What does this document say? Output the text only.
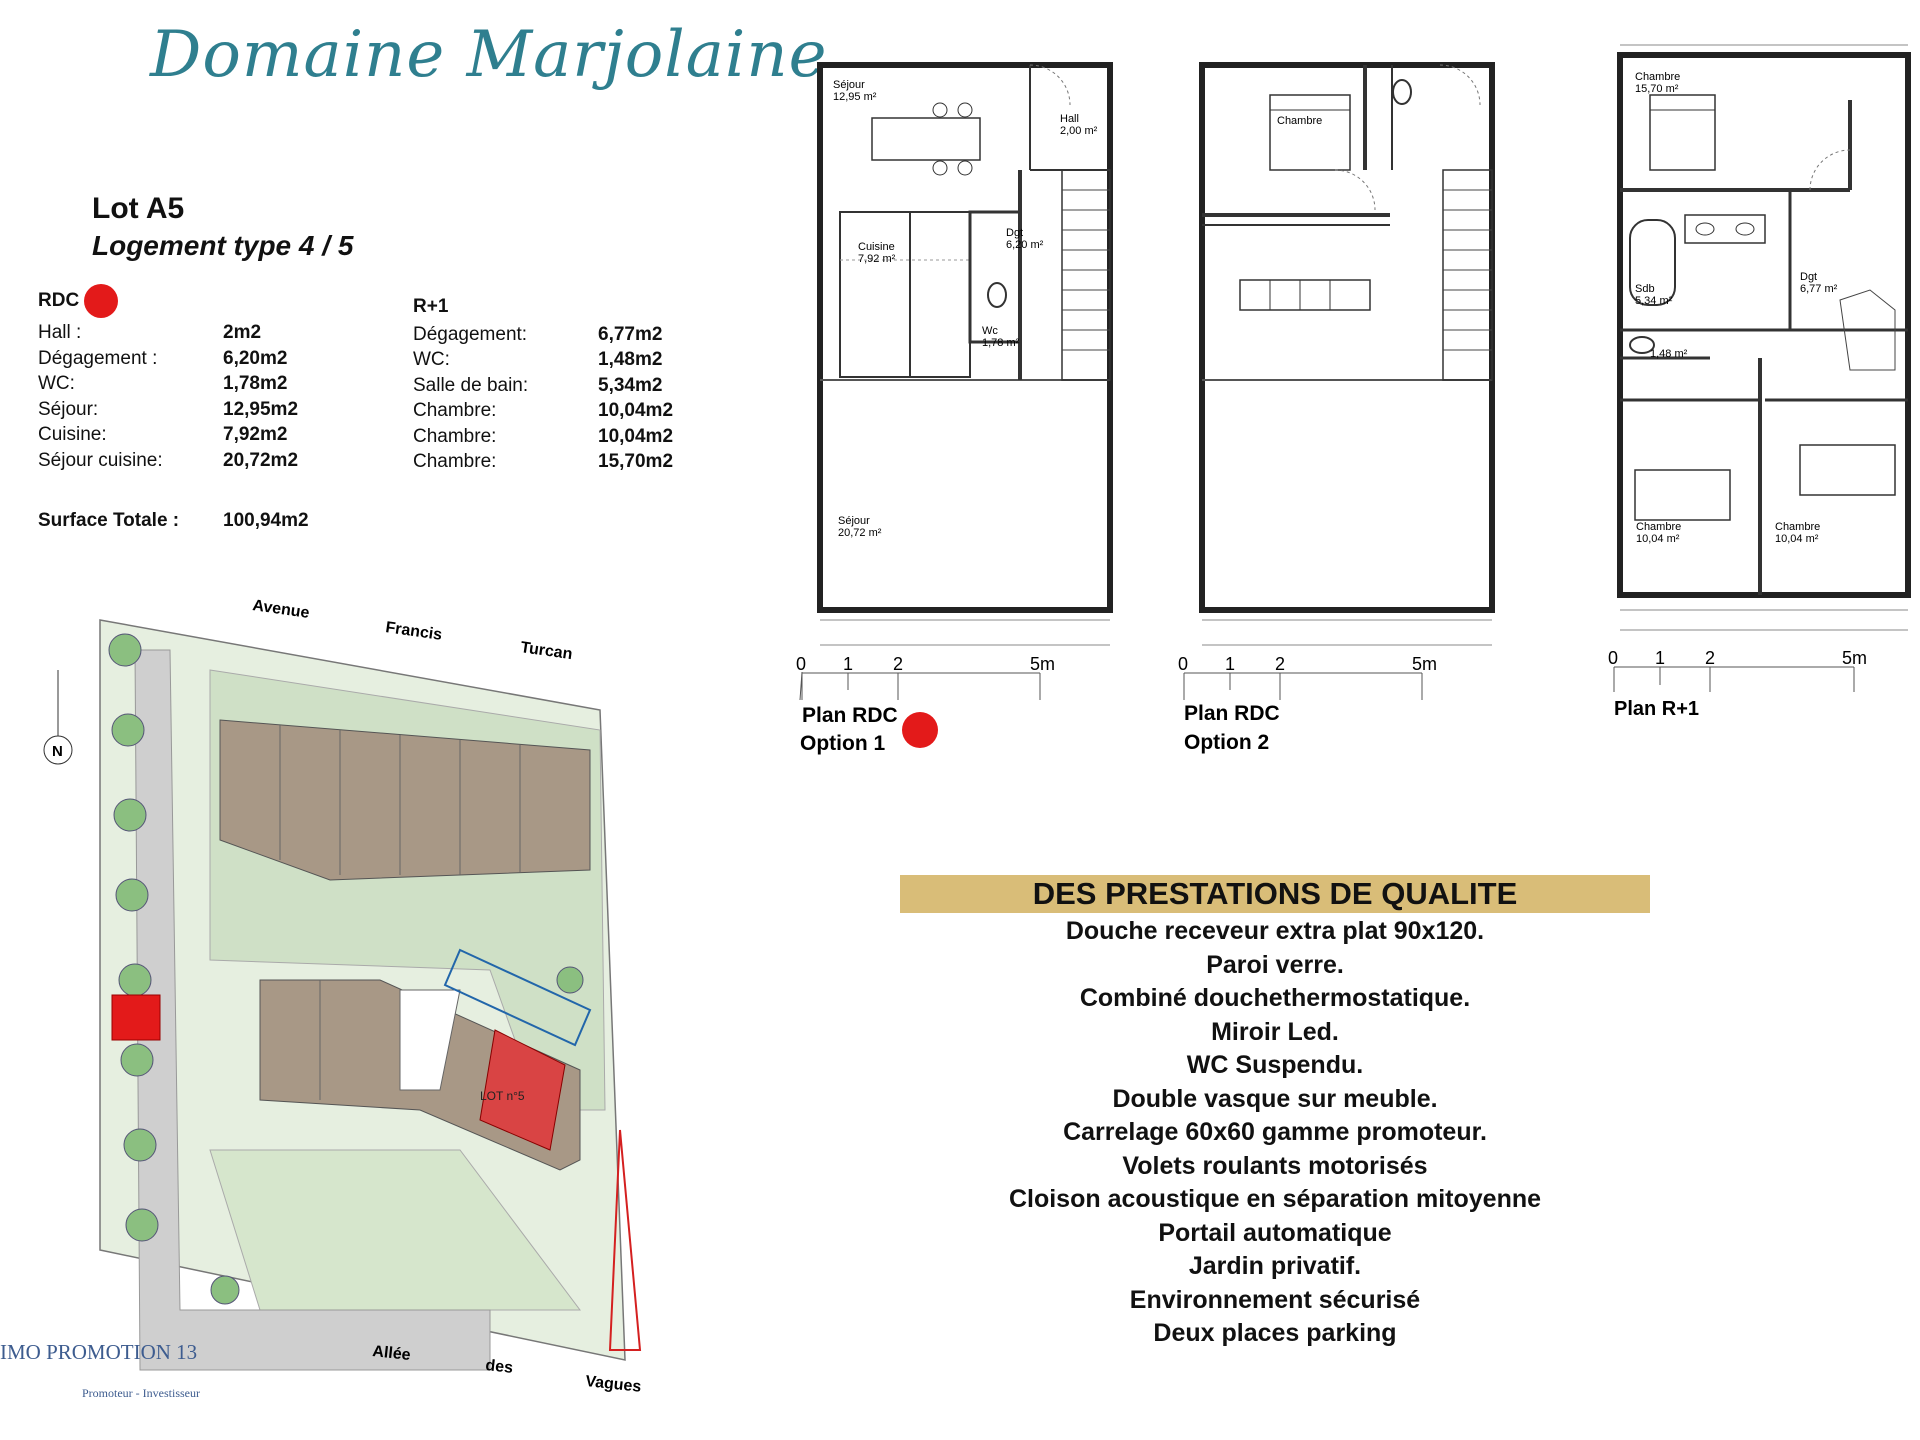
Domaine Marjolaine
Lot A5
Logement type 4 / 5
RDC
Hall :	2m2
Dégagement :	6,20m2
WC:	1,78m2
Séjour:	12,95m2
Cuisine:	7,92m2
Séjour cuisine:	20,72m2
R+1
Dégagement:	6,77m2
WC:	1,48m2
Salle de bain:	5,34m2
Chambre:	10,04m2
Chambre:	10,04m2
Chambre:	15,70m2
Surface Totale :	100,94m2
Séjour
12,95 m²
Hall
2,00 m²
Cuisine
7,92 m²
Dgt
6,20 m²
Wc
1,78 m²
Séjour
20,72 m²
0 1 2	5m
Plan RDC
Option 1
Chambre
0 1 2	5m
Plan RDC
Option 2
Chambre
15,70 m²
Sdb
5,34 m²
Dgt
6,77 m²
1,48 m²
Chambre
10,04 m²
Chambre
10,04 m²
0 1 2	5m
Plan R+1
LOT n°5
N
Avenue
Francis
Turcan
Allée
des
Vagues
IMO PROMOTION 13
Promoteur - Investisseur
DES PRESTATIONS DE QUALITE
Douche receveur extra plat 90x120.
Paroi verre.
Combiné douchethermostatique.
Miroir Led.
WC Suspendu.
Double vasque sur meuble.
Carrelage 60x60 gamme promoteur.
Volets roulants motorisés
Cloison acoustique en séparation mitoyenne
Portail automatique
Jardin privatif.
Environnement sécurisé
Deux places parking
